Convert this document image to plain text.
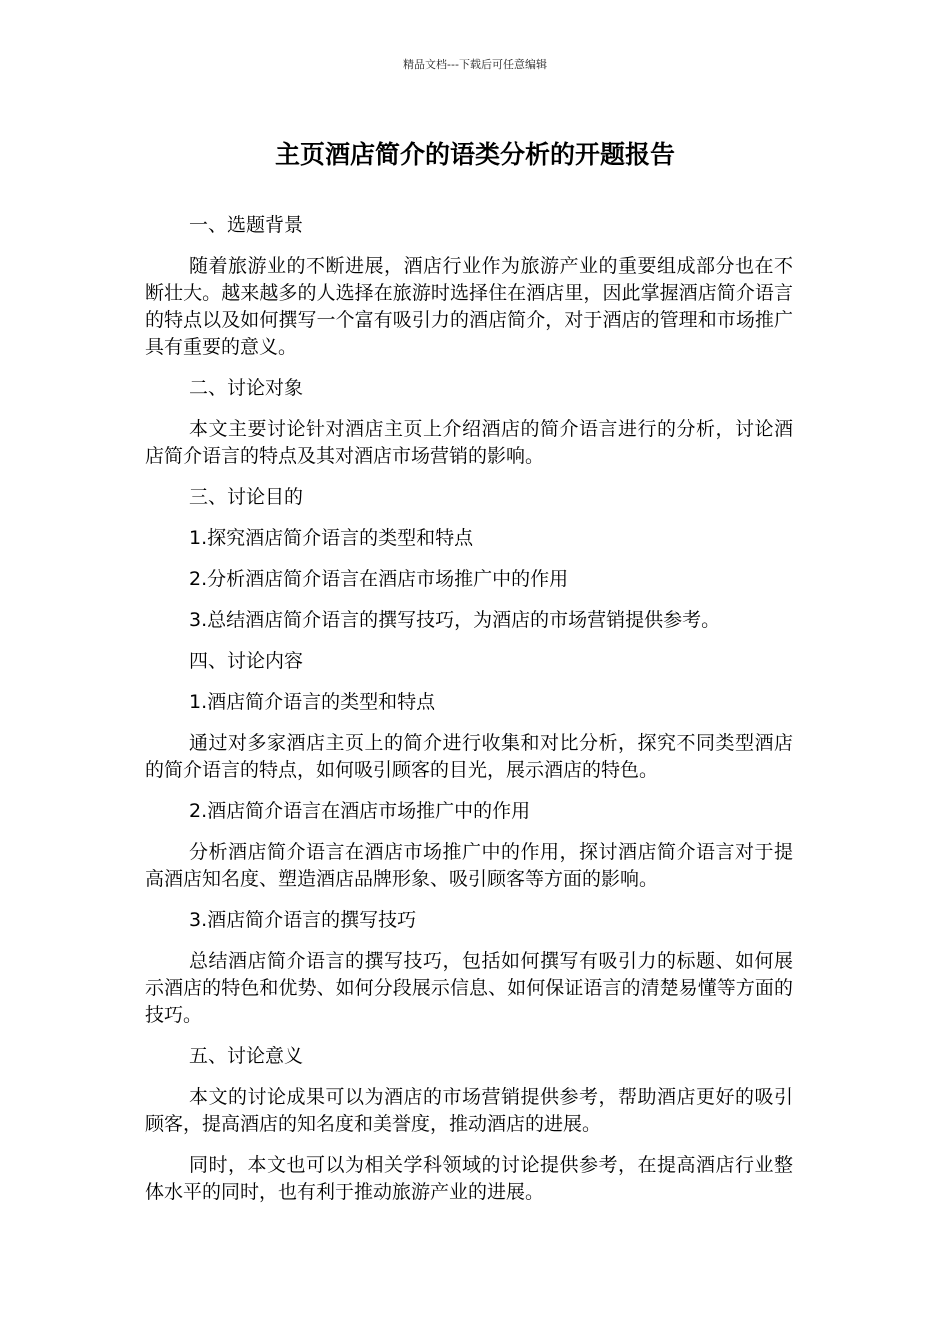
精品文档---下载后可任意编辑
主页酒店简介的语类分析的开题报告

一、选题背景

随着旅游业的不断进展，酒店行业作为旅游产业的重要组成部分也在不断壮大。越来越多的人选择在旅游时选择住在酒店里，因此掌握酒店简介语言的特点以及如何撰写一个富有吸引力的酒店简介，对于酒店的管理和市场推广具有重要的意义。

二、讨论对象

本文主要讨论针对酒店主页上介绍酒店的简介语言进行的分析，讨论酒店简介语言的特点及其对酒店市场营销的影响。

三、讨论目的

1.探究酒店简介语言的类型和特点

2.分析酒店简介语言在酒店市场推广中的作用

3.总结酒店简介语言的撰写技巧，为酒店的市场营销提供参考。

四、讨论内容

1.酒店简介语言的类型和特点

通过对多家酒店主页上的简介进行收集和对比分析，探究不同类型酒店的简介语言的特点，如何吸引顾客的目光，展示酒店的特色。

2.酒店简介语言在酒店市场推广中的作用

分析酒店简介语言在酒店市场推广中的作用，探讨酒店简介语言对于提高酒店知名度、塑造酒店品牌形象、吸引顾客等方面的影响。

3.酒店简介语言的撰写技巧

总结酒店简介语言的撰写技巧，包括如何撰写有吸引力的标题、如何展示酒店的特色和优势、如何分段展示信息、如何保证语言的清楚易懂等方面的技巧。

五、讨论意义

本文的讨论成果可以为酒店的市场营销提供参考，帮助酒店更好的吸引顾客，提高酒店的知名度和美誉度，推动酒店的进展。

同时，本文也可以为相关学科领域的讨论提供参考，在提高酒店行业整体水平的同时，也有利于推动旅游产业的进展。
